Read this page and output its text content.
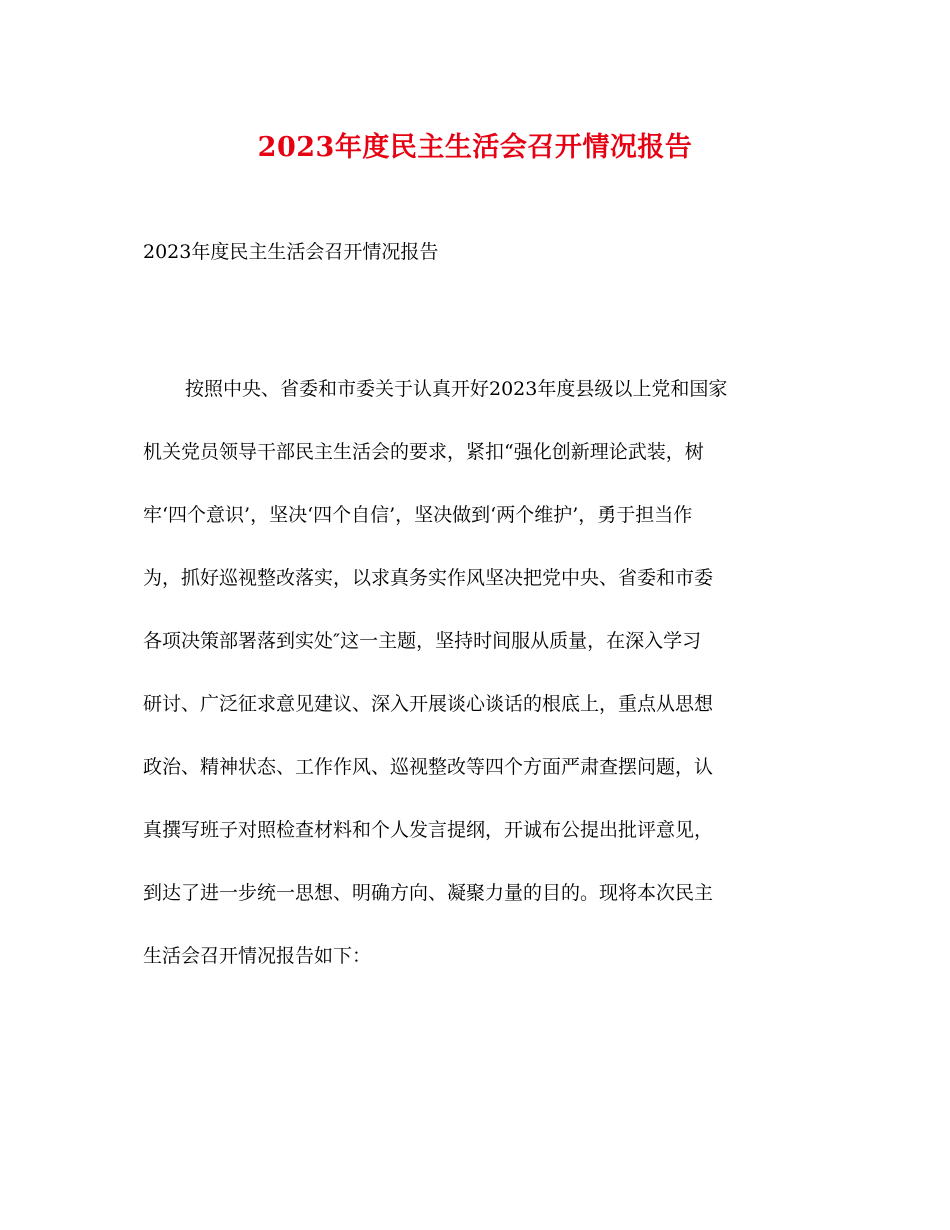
2023年度民主生活会召开情况报告
2023年度民主生活会召开情况报告
按照中央、省委和市委关于认真开好2023年度县级以上党和国家
机关党员领导干部民主生活会的要求，紧扣“强化创新理论武装，树
牢‘四个意识’，坚决‘四个自信’，坚决做到‘两个维护’，勇于担当作
为，抓好巡视整改落实，以求真务实作风坚决把党中央、省委和市委
各项决策部署落到实处″这一主题，坚持时间服从质量，在深入学习
研讨、广泛征求意见建议、深入开展谈心谈话的根底上，重点从思想
政治、精神状态、工作作风、巡视整改等四个方面严肃查摆问题，认
真撰写班子对照检查材料和个人发言提纲，开诚布公提出批评意见，
到达了进一步统一思想、明确方向、凝聚力量的目的。现将本次民主
生活会召开情况报告如下：
